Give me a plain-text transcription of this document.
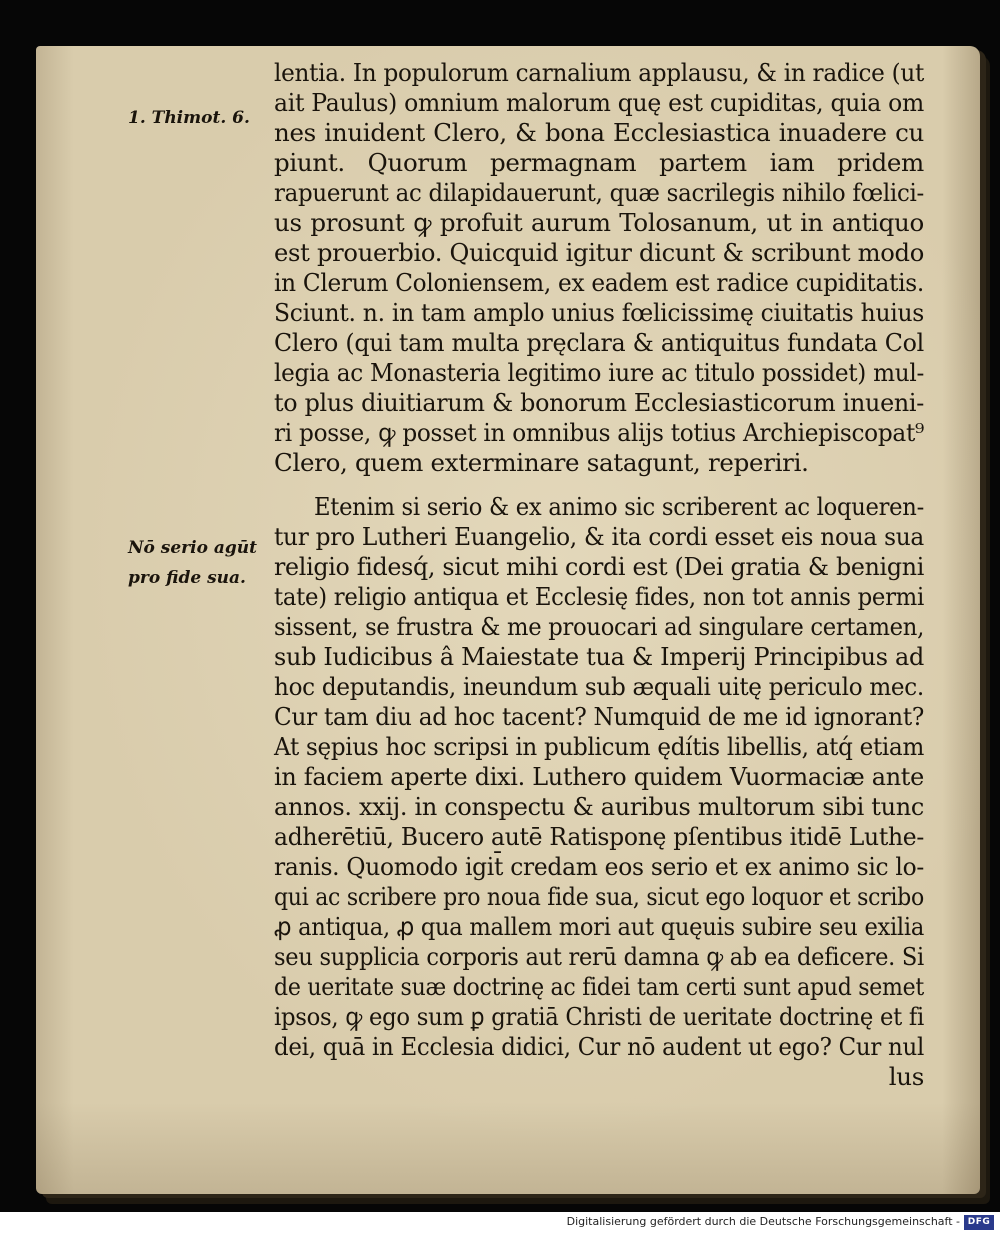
1. Thimot. 6.
Nō serio agūt
pro fide sua.

lentia. In populorum carnalium applausu, & in radice (ut

ait Paulus) omnium malorum quę est cupiditas, quia om

nes inuident Clero, & bona Ecclesiastica inuadere cu

piunt. Quorum permagnam partem iam pridem

rapuerunt ac dilapidauerunt, quæ sacrilegis nihilo fœlici-

us prosunt ꝙ profuit aurum Tolosanum, ut in antiquo

est prouerbio. Quicquid igitur dicunt & scribunt modo

in Clerum Coloniensem, ex eadem est radice cupiditatis.

Sciunt. n. in tam amplo unius fœlicissimę ciuitatis huius

Clero (qui tam multa pręclara & antiquitus fundata Col

legia ac Monasteria legitimo iure ac titulo possidet) mul-

to plus diuitiarum & bonorum Ecclesiasticorum inueni-

ri posse, ꝙ posset in omnibus alijs totius Archiepiscopat⁹

Clero, quem exterminare satagunt, reperiri.

Etenim si serio & ex animo sic scriberent ac loqueren-

tur pro Lutheri Euangelio, & ita cordi esset eis noua sua

religio fidesq́, sicut mihi cordi est (Dei gratia & benigni

tate) religio antiqua et Ecclesię fides, non tot annis permi

sissent, se frustra & me prouocari ad singulare certamen,

sub Iudicibus â Maiestate tua & Imperij Principibus ad

hoc deputandis, ineundum sub æquali uitę periculo mec.

Cur tam diu ad hoc tacent? Numquid de me id ignorant?

At sępius hoc scripsi in publicum ędítis libellis, atq́ etiam

in faciem aperte dixi. Luthero quidem Vuormaciæ ante

annos. xxij. in conspectu & auribus multorum sibi tunc

adherētiū, Bucero autē Ratisponę pſentibus itidē Luthe-

ranis. Quomodo igit̄ credam eos serio et ex animo sic lo-

qui ac scribere pro noua fide sua, sicut ego loquor et scribo

ꝓ antiqua, ꝓ qua mallem mori aut quęuis subire seu exilia

seu supplicia corporis aut rerū damna ꝙ ab ea deficere. Si

de ueritate suæ doctrinę ac fidei tam certi sunt apud semet

ipsos, ꝙ ego sum ꝑ gratiā Christi de ueritate doctrinę et fi

dei, quā in Ecclesia didici, Cur nō audent ut ego? Cur nul

lus

Digitalisierung gefördert durch die Deutsche Forschungsgemeinschaft - DFG
